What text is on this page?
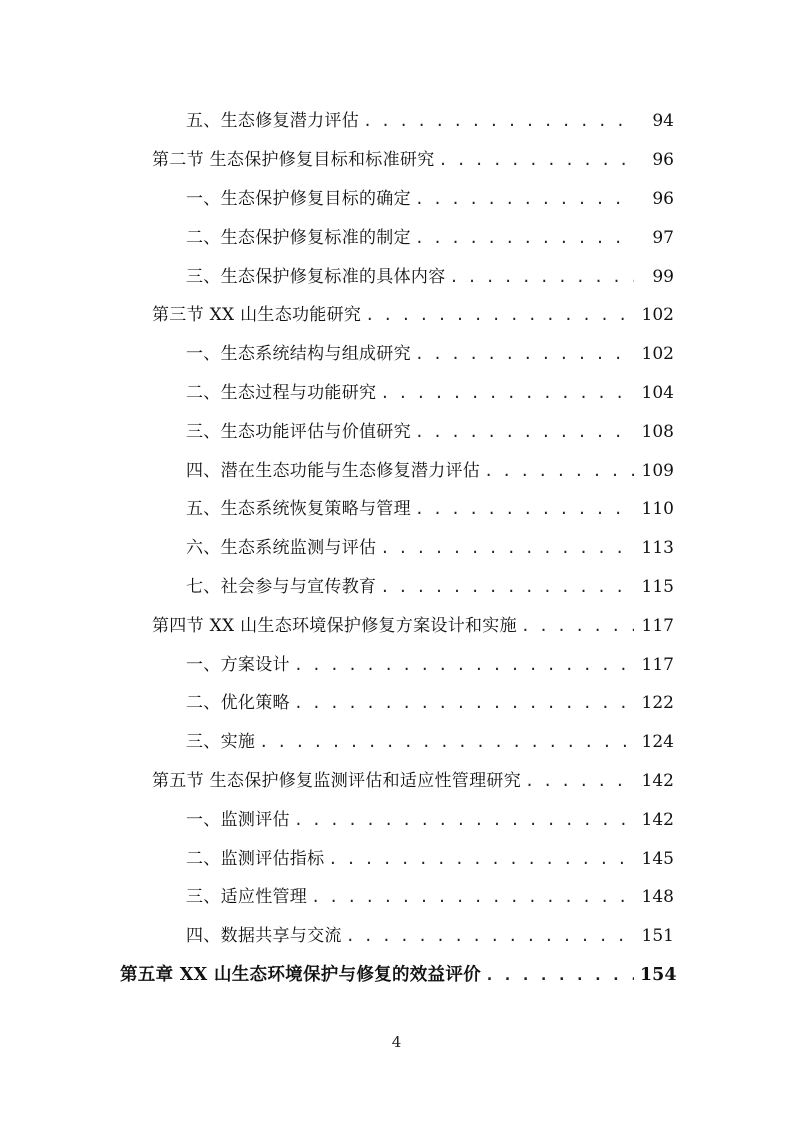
五、生态修复潜力评估 . . .	94
第二节 生态保护修复目标和标准研究 . . .	96
一、生态保护修复目标的确定 . . .	96
二、生态保护修复标准的制定 . . .	97
三、生态保护修复标准的具体内容 . . .	99
第三节 XX 山生态功能研究 . . .	102
一、生态系统结构与组成研究 . . .	102
二、生态过程与功能研究 . . .	104
三、生态功能评估与价值研究 . . .	108
四、潜在生态功能与生态修复潜力评估 . . .	109
五、生态系统恢复策略与管理 . . .	110
六、生态系统监测与评估 . . .	113
七、社会参与与宣传教育 . . .	115
第四节 XX 山生态环境保护修复方案设计和实施 . . .	117
一、方案设计 . . .	117
二、优化策略 . . .	122
三、实施 . . .	124
第五节 生态保护修复监测评估和适应性管理研究 . . .	142
一、监测评估 . . .	142
二、监测评估指标 . . .	145
三、适应性管理 . . .	148
四、数据共享与交流 . . .	151
第五章 XX 山生态环境保护与修复的效益评价 . . .	154
4
